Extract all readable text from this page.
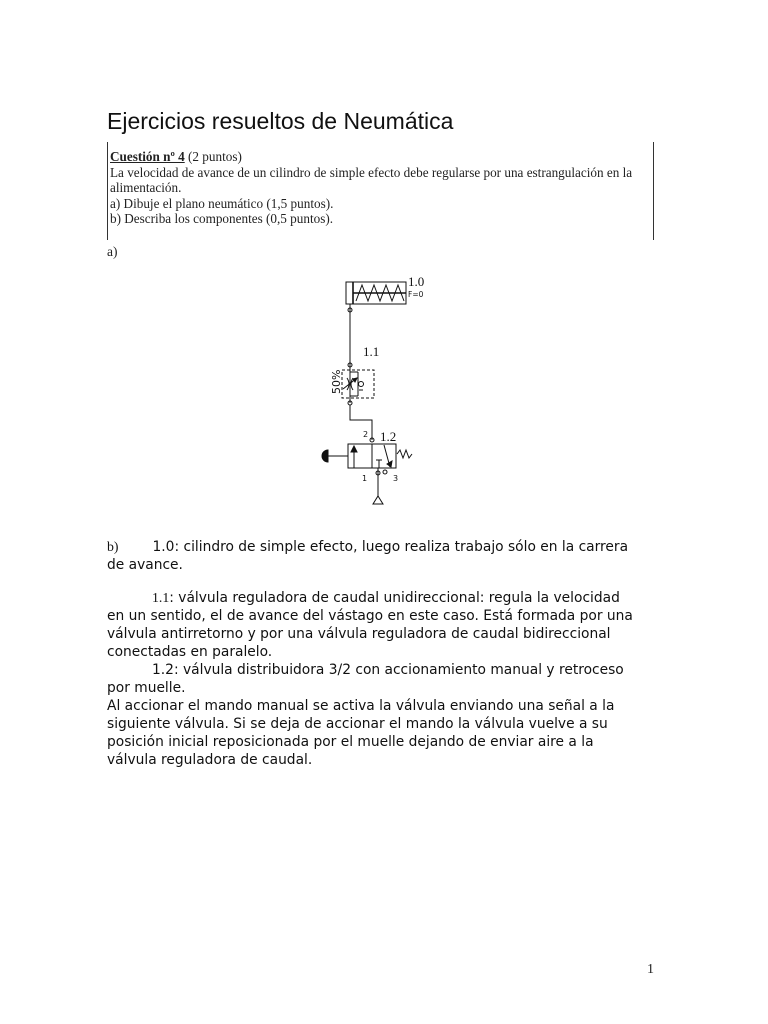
Ejercicios resueltos de Neumática
Cuestión nº 4 (2 puntos)
La velocidad de avance de un cilindro de simple efecto debe regularse por una estrangulación en la
alimentación.
a) Dibuje el plano neumático (1,5 puntos).
b) Describa los componentes (0,5 puntos).
a)
1.0
F=0
1.1
50%
2 1.2
1	3
b) 1.0: cilindro de simple efecto, luego realiza trabajo sólo en la carrera
de avance.
1.1: válvula reguladora de caudal unidireccional: regula la velocidad
en un sentido, el de avance del vástago en este caso. Está formada por una
válvula antirretorno y por una válvula reguladora de caudal bidireccional
conectadas en paralelo.
1.2: válvula distribuidora 3/2 con accionamiento manual y retroceso
por muelle.
Al accionar el mando manual se activa la válvula enviando una señal a la
siguiente válvula. Si se deja de accionar el mando la válvula vuelve a su
posición inicial reposicionada por el muelle dejando de enviar aire a la
válvula reguladora de caudal.
1
